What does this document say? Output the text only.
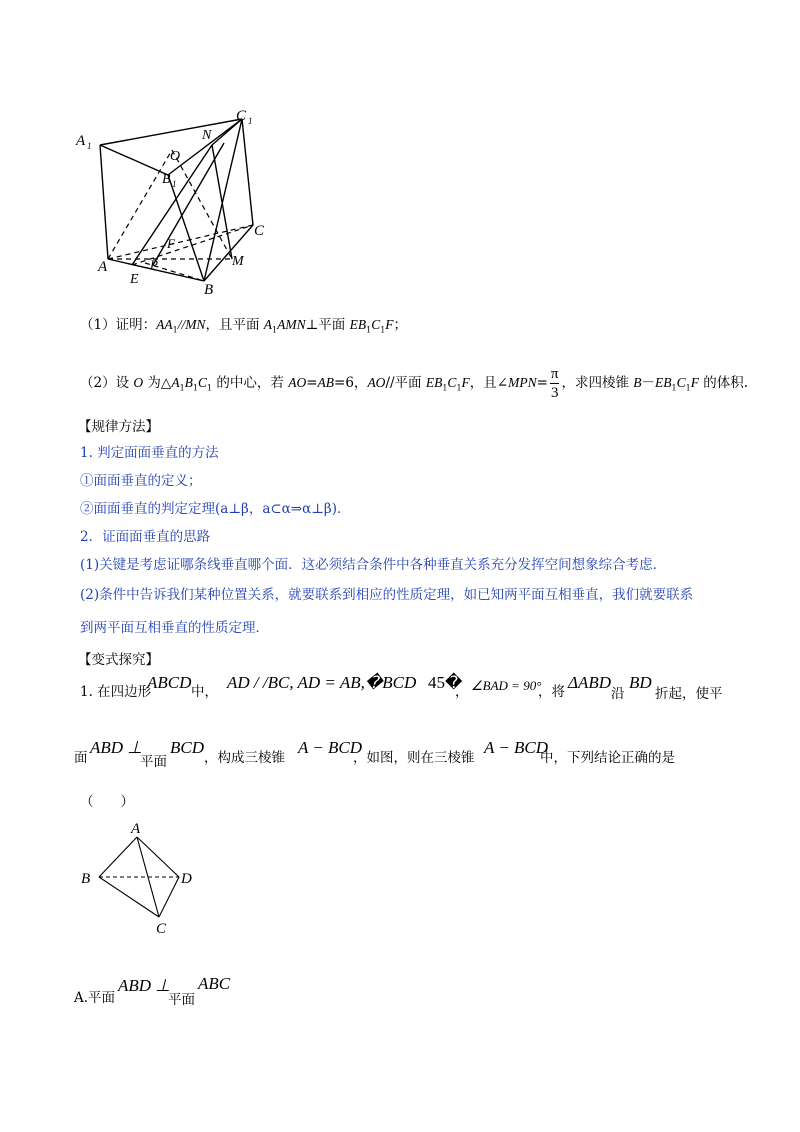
A 1
C 1
N
O
B 1
C
F
A	P	M
E
B
（1）证明：$AA_1//MN$，且平面 $A_1AMN\perp$平面 $EB_1C_1F$；
（2）设 O 为$\triangle A_1B_1C_1$ 的中心，若 AO=AB=6，AO//平面 $EB_1C_1F$，且∠MPN= $\frac{\pi}{3}$ ，求四棱锥 $B-EB_1C_1F$ 的体积.
【规律方法】
1. 判定面面垂直的方法
①面面垂直的定义；
②面面垂直的判定定理(a⊥β，a⊂α⇒α⊥β)．
2．证面面垂直的思路
(1)关键是考虑证哪条线垂直哪个面．这必须结合条件中各种垂直关系充分发挥空间想象综合考虑．
(2)条件中告诉我们某种位置关系，就要联系到相应的性质定理，如已知两平面互相垂直，我们就要联系
到两平面互相垂直的性质定理．
【变式探究】
1. 在四边形
ABCD 中， AD / /BC, AD = AB,�BCD 45�
， ∠BAD = 90°
，将 ΔABD
沿
BD
折起，使平
面
ABD ⊥
平面
BCD
，构成三棱锥
A − BCD
，如图，则在三棱锥
A − BCD
中，下列结论正确的是
（　　）
A
B	D
C
A.平面
ABD ⊥
平面
ABC
